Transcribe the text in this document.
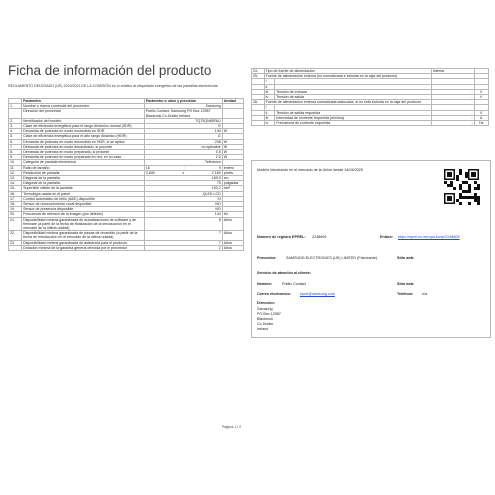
Ficha de información del producto
REGLAMENTO DELEGADO (UE) 2019/2013 DE LA COMISIÓN en lo relativo al etiquetado energético de las pantallas electrónicas
	Parámetro	Parámetro o valor y precisión	Unidad
1.	Nombre o marca comercial del proveedor	Samsung	
	Dirección del proveedor	Public Contact, Samsung PO Box 12987 Blackrock Co.Dublin Ireland	
2.	Identificador del modelo	TQ75QN85FAU	
3.	Clase de eficiencia energética para el rango dinámico normal (SDR)	G	
4.	Demanda de potencia en modo encendido en SDR	140	W
5.	Clase de eficiencia energética para el alto rango dinámico (HDR)	G	
6.	Demanda de potencia en modo encendido en HDR, si se aplica	238	W
7.	Demanda de potencia en modo desactivado, si procede	no aplicable	W
8.	Demanda de potencia en modo preparado, si procede	0,5	W
9.	Demanda de potencia en modo preparado en red, en su caso	2,0	W
10.	Categoría de pantalla electrónica	Television	
11.	Ratio de tamaño	16 : 9	entero
12.	Resolución de pantalla	3 840 x 2 160	píxels
13.	Diagonal de la pantalla	189,0	cm
14.	Diagonal de la pantalla	75	pulgadas
15.	Superficie visible de la pantalla	153,2	dm²
16.	Tecnología usada en el panel	QLED LCD	
17.	Control automático de brillo (ABC) disponible	SI	
18.	Sensor de reconocimiento vocal disponible	NO	
19.	Sensor de presencia disponible	NO	
20.	Frecuencia de refresco de la imagen (por defecto)	144	Hz
21.	Disponibilidad mínima garantizada de actualizaciones de software y de firmware (a partir de la fecha de finalización de la introducción en el mercado de la última unidad)	8	Años
22.	Disponibilidad mínima garantizada de piezas de recambio (a partir de la fecha de introducción en el mercado de la última unidad)	7	Años
23.	Disponibilidad mínima garantizada de asistencia para el producto	7	Años
	Duración mínima de la garantía general ofrecida por el proveedor	2	Años
24.	Tipo de fuente de alimentación		Interna	
25.	Fuente de alimentación externa (no normalizada e incluida en la caja del producto)			
	i			
	ii			
	iii	Tensión de entrada	-	V
	iv	Tensión de salida	-	V
26.	Fuente de alimentación externa normalizada adecuada, si no está incluida en la caja del producto			
	i			
	ii	Tensión de salida requerida	-	V
	iii	Intensidad de corriente requerida (mínima)	-	A
	iv	Frecuencia de corriente requerida	-	Hz
Modelo introducido en el mercado de la Unión desde 14/04/2025
Número de registro EPREL: 2248609	Enlace: https://eprel.ec.europa.eu/qr/2248609
Proveedor:	SAMSUNG ELECTRONICS (UK) LIMITED (Fabricante)	Sitio web:
Servicio de atención al cliente:
Nombre:	Public Contact	Sitio web:
Correo electrónico: eprel@samsung.com	Teléfono: n/a
Dirección:
Samsung
PO Box 12987
Blackrock
Co.Dublin
Ireland
Página 1 / 2
